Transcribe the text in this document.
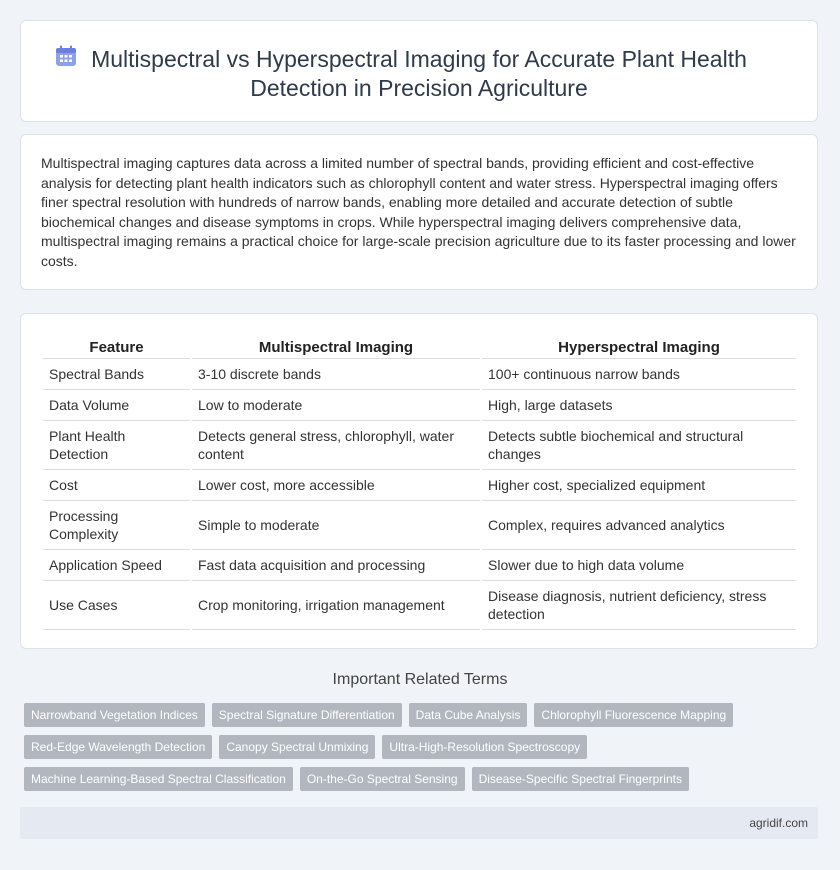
Multispectral vs Hyperspectral Imaging for Accurate Plant Health Detection in Precision Agriculture

Multispectral imaging captures data across a limited number of spectral bands, providing efficient and cost-effective analysis for detecting plant health indicators such as chlorophyll content and water stress. Hyperspectral imaging offers finer spectral resolution with hundreds of narrow bands, enabling more detailed and accurate detection of subtle biochemical changes and disease symptoms in crops. While hyperspectral imaging delivers comprehensive data, multispectral imaging remains a practical choice for large-scale precision agriculture due to its faster processing and lower costs.

Feature	Multispectral Imaging	Hyperspectral Imaging
Spectral Bands	3-10 discrete bands	100+ continuous narrow bands
Data Volume	Low to moderate	High, large datasets
Plant Health Detection	Detects general stress, chlorophyll, water content	Detects subtle biochemical and structural changes
Cost	Lower cost, more accessible	Higher cost, specialized equipment
Processing Complexity	Simple to moderate	Complex, requires advanced analytics
Application Speed	Fast data acquisition and processing	Slower due to high data volume
Use Cases	Crop monitoring, irrigation management	Disease diagnosis, nutrient deficiency, stress detection
Important Related Terms
Narrowband Vegetation Indices	Spectral Signature Differentiation	Data Cube Analysis	Chlorophyll Fluorescence Mapping
Red-Edge Wavelength Detection	Canopy Spectral Unmixing	Ultra-High-Resolution Spectroscopy
Machine Learning-Based Spectral Classification	On-the-Go Spectral Sensing	Disease-Specific Spectral Fingerprints
agridif.com
